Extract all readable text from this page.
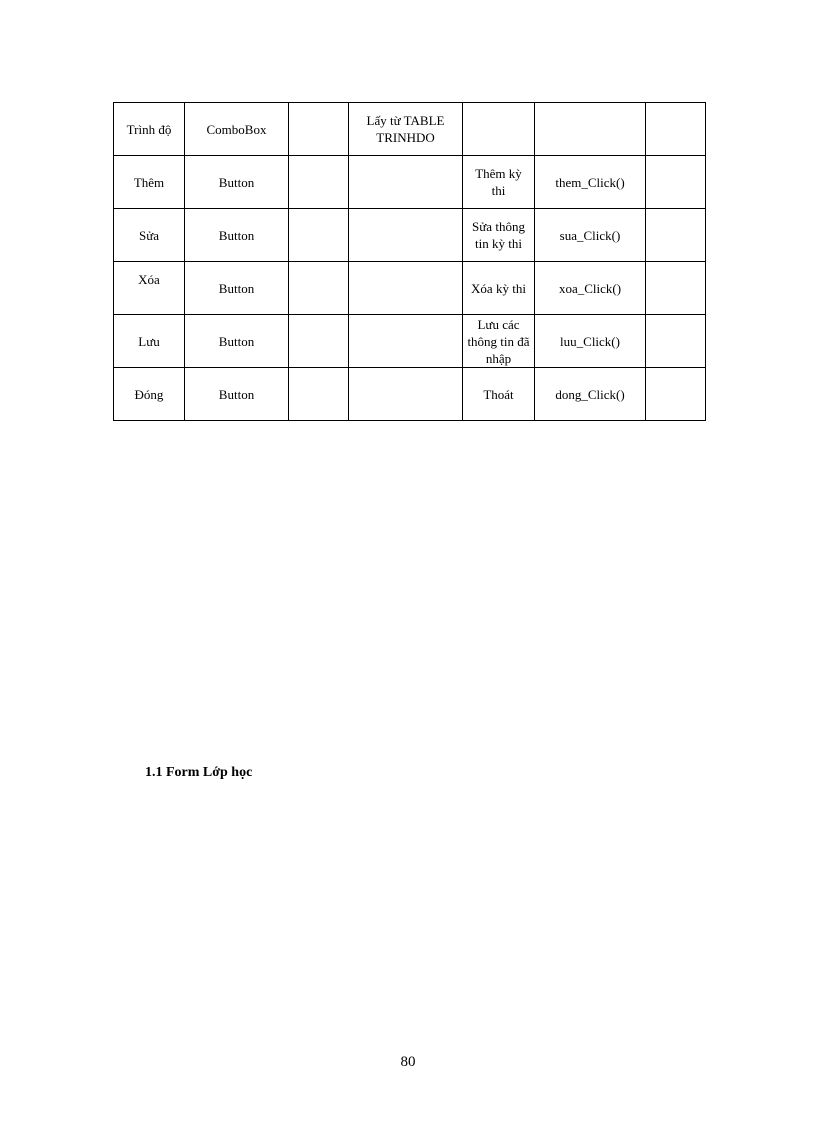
Trình độ	ComboBox		Lấy từ TABLE TRINHDO			
Thêm	Button			Thêm kỳ thi	them_Click()	
Sửa	Button			Sửa thông tin kỳ thi	sua_Click()	
Xóa	Button			Xóa kỳ thi	xoa_Click()	
Lưu	Button			Lưu các thông tin đã nhập	luu_Click()	
Đóng	Button			Thoát	dong_Click()	
1.1 Form Lớp học
80
